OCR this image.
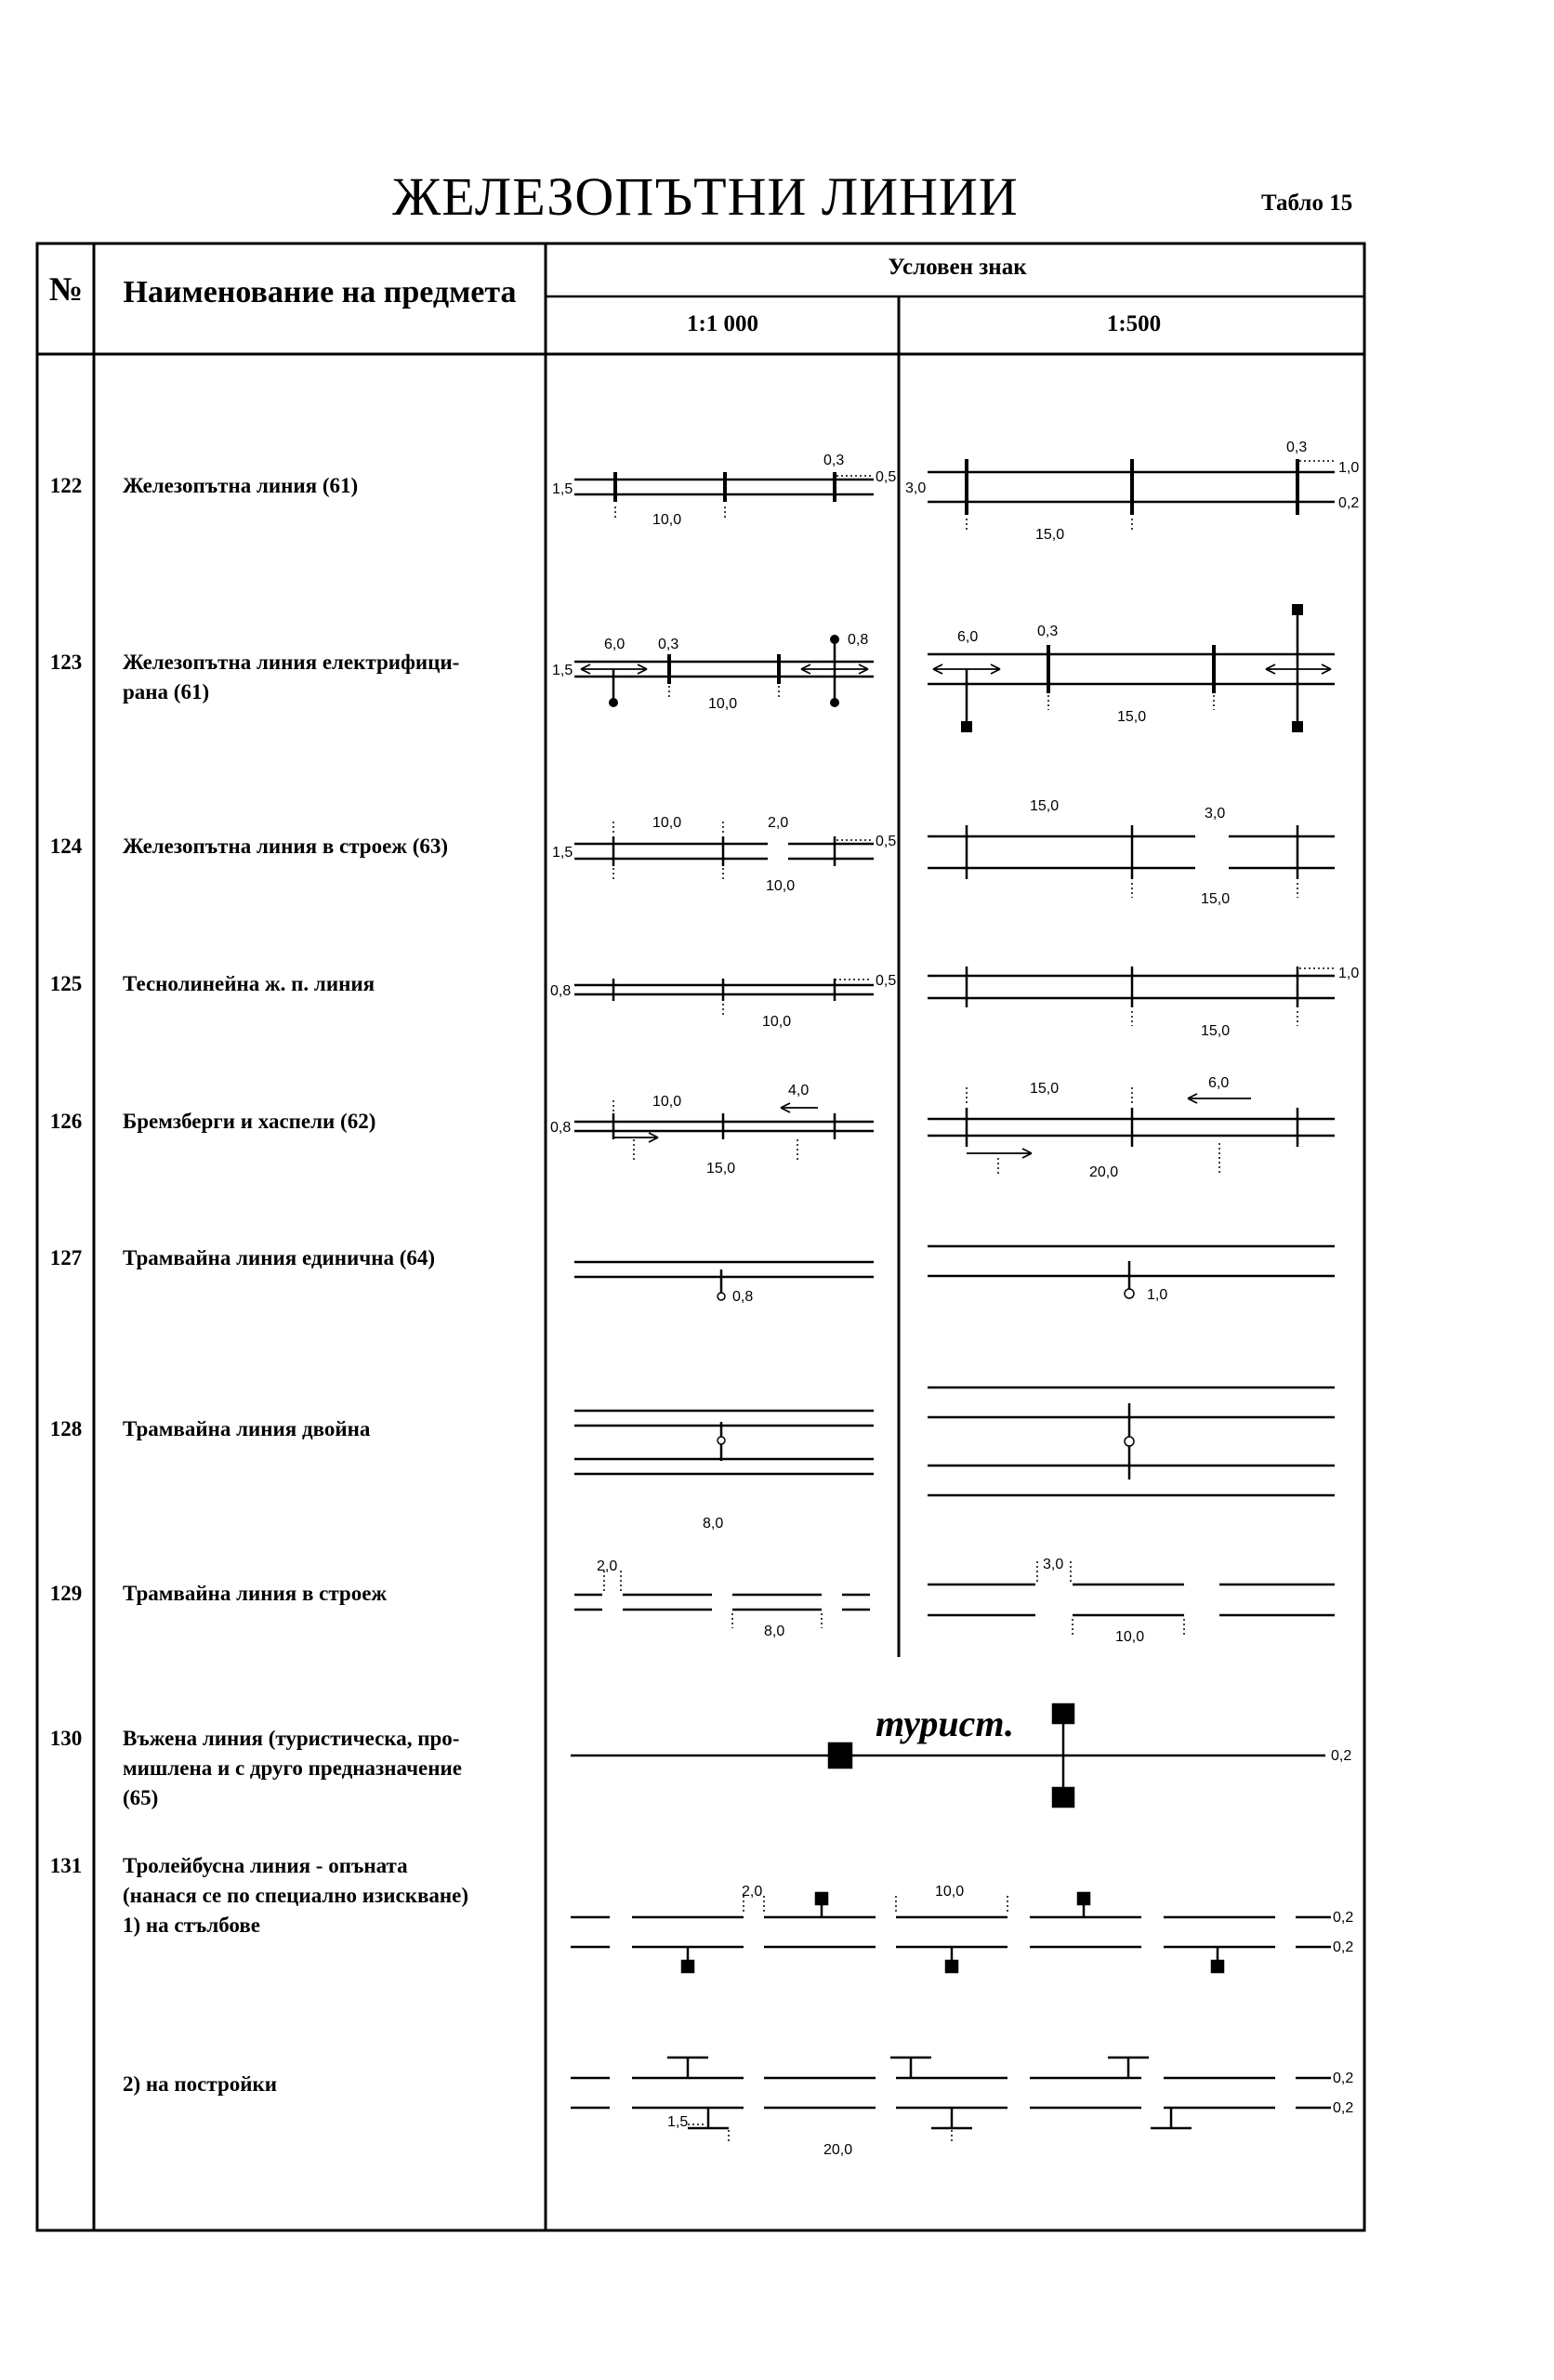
ЖЕЛЕЗОПЪТНИ ЛИНИИ	Табло 15
0,3
0,5
1,5
10,0
0,3
1,0
3,0
0,2
15,0
6,0 0,3	0,8
1,5
10,0
6,0	0,3
15,0
10,0	2,0
0,5
1,5
10,0
15,0	3,0
15,0
0,5
0,8
10,0
1,0
15,0
10,0
4,0
0,8
15,0
15,0	6,0
20,0
0,8	1,0
8,0
2,0
8,0
3,0
10,0
турист.
0,2
2,0	10,0
0,2
0,2
0,2
0,2
1,5
20,0
№	Наименование на предмета
Условен знак
1:1 000	1:500
122	Железопътна линия (61)
123	Железопътна линия електрифици-
рана (61)
124	Железопътна линия в строеж (63)
125	Теснолинейна ж. п. линия
126	Бремзберги и хаспели (62)
127	Трамвайна линия единична (64)
128	Трамвайна линия двойна
129	Трамвайна линия в строеж
130	Въжена линия (туристическа, про-
мишлена и с друго предназначение
(65)
131	Тролейбусна линия - опъната
(нанася се по специално изискване)
1) на стълбове
2) на постройки
